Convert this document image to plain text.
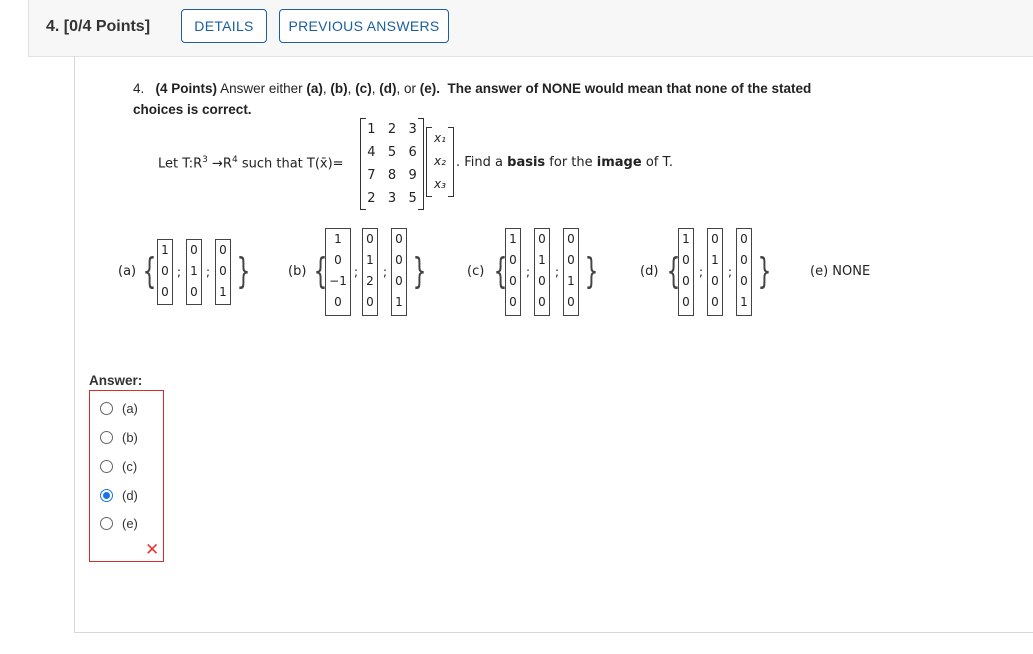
4. [0/4 Points]	DETAILS	PREVIOUS ANSWERS
4. (4 Points) Answer either (a), (b), (c), (d), or (e). The answer of NONE would mean that none of the stated choices is correct.
Let $T:R^3 \to R^4$ such that T(x̄)=
1 2 3
4 5 6
7 8 9
2 3 5
x₁
x₂
x₃
. Find a basis for the image of T.
(a) {
1
0
0
;
0
1
0
;
0
0
1 }	(b) {
1
0
−1
0
;
0
1
2
0
;
0
0
0
1
}	(c) {
1
0
0
0
;
0
1
0
0
;
0
0
1
0
}	(d) {
1
0
0
0
;
0
1
0
0
;
0
0
0
1
}	(e) NONE
Answer:
(a)
(b)
(c)
(d)
(e)
✕
